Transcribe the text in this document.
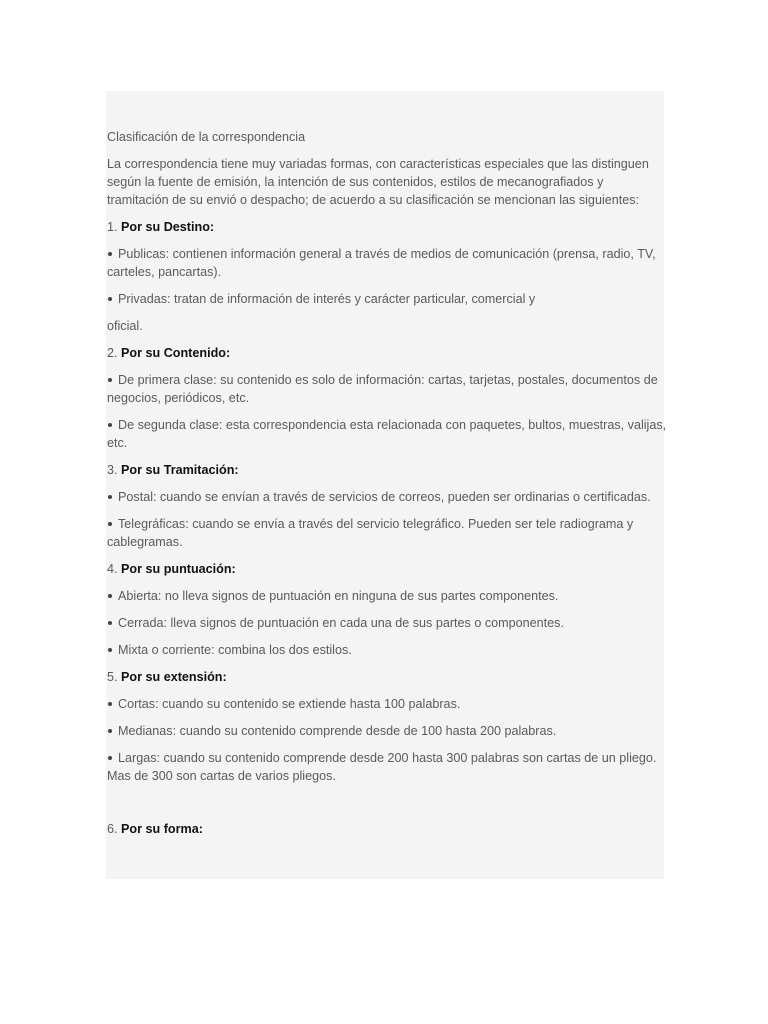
Clasificación de la correspondencia

La correspondencia tiene muy variadas formas, con características especiales que las distinguen según la fuente de emisión, la intención de sus contenidos, estilos de mecanografiados y tramitación de su envió o despacho; de acuerdo a su clasificación se mencionan las siguientes:

1. Por su Destino:

Publicas: contienen información general a través de medios de comunicación (prensa, radio, TV, carteles, pancartas).

Privadas: tratan de información de interés y carácter particular, comercial y

oficial.

2. Por su Contenido:

De primera clase: su contenido es solo de información: cartas, tarjetas, postales, documentos de negocios, periódicos, etc.

De segunda clase: esta correspondencia esta relacionada con paquetes, bultos, muestras, valijas, etc.

3. Por su Tramitación:

Postal: cuando se envían a través de servicios de correos, pueden ser ordinarias o certificadas.

Telegráficas: cuando se envía a través del servicio telegráfico. Pueden ser tele radiograma y cablegramas.

4. Por su puntuación:

Abierta: no lleva signos de puntuación en ninguna de sus partes componentes.

Cerrada: lleva signos de puntuación en cada una de sus partes o componentes.

Mixta o corriente: combina los dos estilos.

5. Por su extensión:

Cortas: cuando su contenido se extiende hasta 100 palabras.

Medianas: cuando su contenido comprende desde de 100 hasta 200 palabras.

Largas: cuando su contenido comprende desde 200 hasta 300 palabras son cartas de un pliego. Mas de 300 son cartas de varios pliegos.

6. Por su forma:
